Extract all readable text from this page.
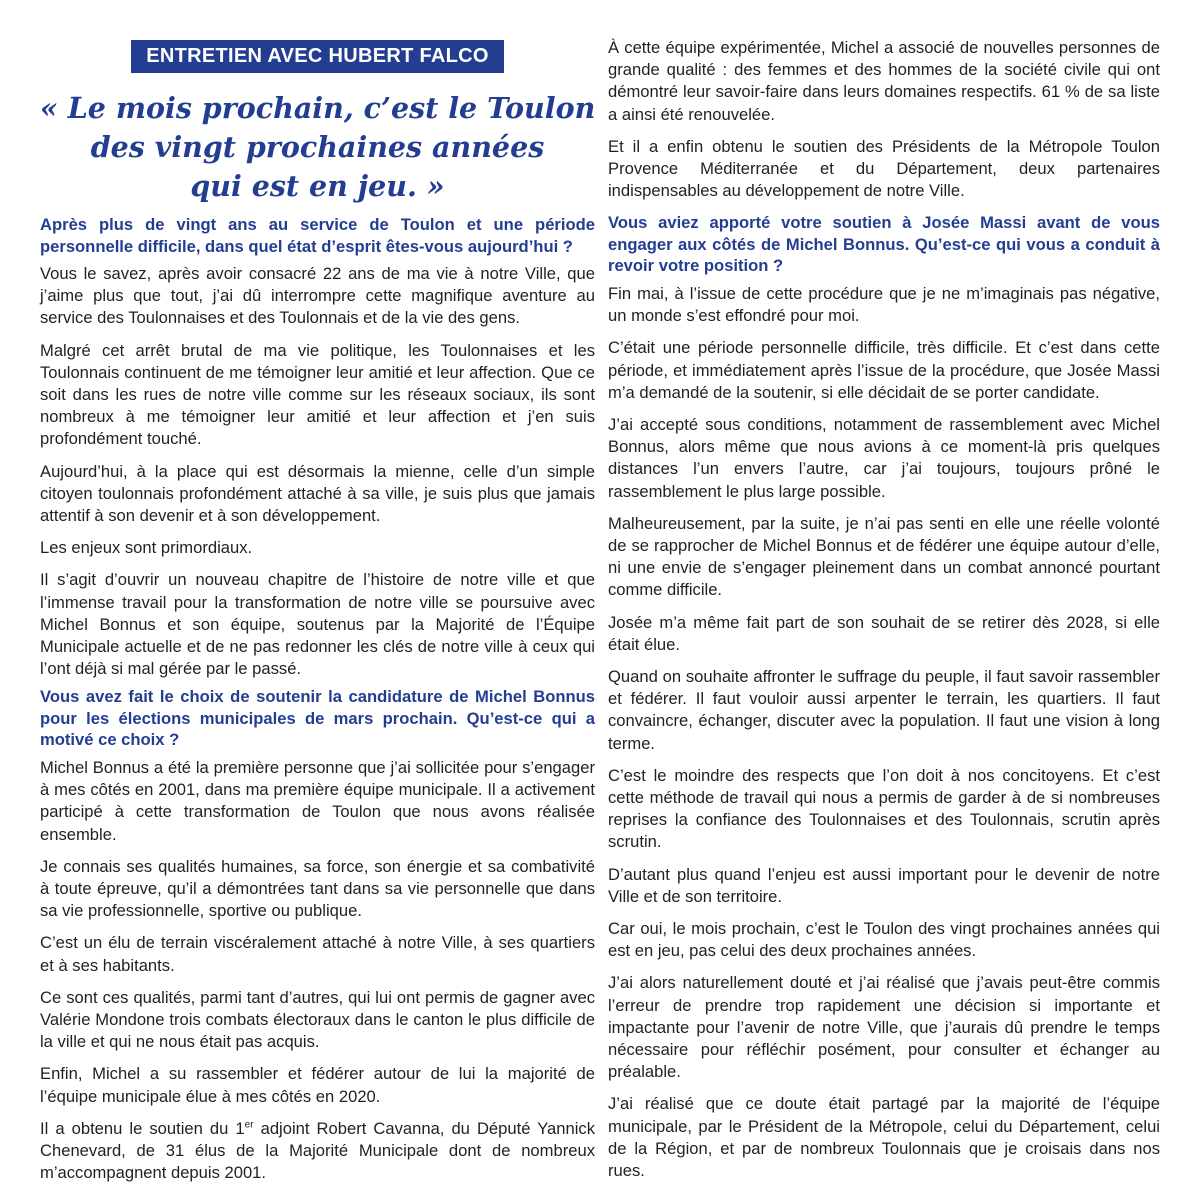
ENTRETIEN AVEC HUBERT FALCO
« Le mois prochain, c’est le Toulon
des vingt prochaines années
qui est en jeu. »

Après plus de vingt ans au service de Toulon et une période personnelle difficile, dans quel état d’esprit êtes-vous aujourd’hui ?

Vous le savez, après avoir consacré 22 ans de ma vie à notre Ville, que j’aime plus que tout, j’ai dû interrompre cette magnifique aventure au service des Toulonnaises et des Toulonnais et de la vie des gens.

Malgré cet arrêt brutal de ma vie politique, les Toulonnaises et les Toulonnais continuent de me témoigner leur amitié et leur affection. Que ce soit dans les rues de notre ville comme sur les réseaux sociaux, ils sont nombreux à me témoigner leur amitié et leur affection et j’en suis profondément touché.

Aujourd’hui, à la place qui est désormais la mienne, celle d’un simple citoyen toulonnais profondément attaché à sa ville, je suis plus que jamais attentif à son devenir et à son développement.

Les enjeux sont primordiaux.

Il s’agit d’ouvrir un nouveau chapitre de l’histoire de notre ville et que l’immense travail pour la transformation de notre ville se poursuive avec Michel Bonnus et son équipe, soutenus par la Majorité de l’Équipe Municipale actuelle et de ne pas redonner les clés de notre ville à ceux qui l’ont déjà si mal gérée par le passé.

Vous avez fait le choix de soutenir la candidature de Michel Bonnus pour les élections municipales de mars prochain. Qu’est-ce qui a motivé ce choix ?

Michel Bonnus a été la première personne que j’ai sollicitée pour s’engager à mes côtés en 2001, dans ma première équipe municipale. Il a activement participé à cette transformation de Toulon que nous avons réalisée ensemble.

Je connais ses qualités humaines, sa force, son énergie et sa combativité à toute épreuve, qu’il a démontrées tant dans sa vie personnelle que dans sa vie professionnelle, sportive ou publique.

C’est un élu de terrain viscéralement attaché à notre Ville, à ses quartiers et à ses habitants.

Ce sont ces qualités, parmi tant d’autres, qui lui ont permis de gagner avec Valérie Mondone trois combats électoraux dans le canton le plus difficile de la ville et qui ne nous était pas acquis.

Enfin, Michel a su rassembler et fédérer autour de lui la majorité de l’équipe municipale élue à mes côtés en 2020.

Il a obtenu le soutien du 1er adjoint Robert Cavanna, du Député Yannick Chenevard, de 31 élus de la Majorité Municipale dont de nombreux m’accompagnent depuis 2001.

À cette équipe expérimentée, Michel a associé de nouvelles personnes de grande qualité : des femmes et des hommes de la société civile qui ont démontré leur savoir-faire dans leurs domaines respectifs. 61 % de sa liste a ainsi été renouvelée.

Et il a enfin obtenu le soutien des Présidents de la Métropole Toulon Provence Méditerranée et du Département, deux partenaires indispensables au développement de notre Ville.

Vous aviez apporté votre soutien à Josée Massi avant de vous engager aux côtés de Michel Bonnus. Qu’est-ce qui vous a conduit à revoir votre position ?

Fin mai, à l’issue de cette procédure que je ne m’imaginais pas négative, un monde s’est effondré pour moi.

C’était une période personnelle difficile, très difficile. Et c’est dans cette période, et immédiatement après l’issue de la procédure, que Josée Massi m’a demandé de la soutenir, si elle décidait de se porter candidate.

J’ai accepté sous conditions, notamment de rassemblement avec Michel Bonnus, alors même que nous avions à ce moment-là pris quelques distances l’un envers l’autre, car j’ai toujours, toujours prôné le rassemblement le plus large possible.

Malheureusement, par la suite, je n’ai pas senti en elle une réelle volonté de se rapprocher de Michel Bonnus et de fédérer une équipe autour d’elle, ni une envie de s’engager pleinement dans un combat annoncé pourtant comme difficile.

Josée m’a même fait part de son souhait de se retirer dès 2028, si elle était élue.

Quand on souhaite affronter le suffrage du peuple, il faut savoir rassembler et fédérer. Il faut vouloir aussi arpenter le terrain, les quartiers. Il faut convaincre, échanger, discuter avec la population. Il faut une vision à long terme.

C’est le moindre des respects que l’on doit à nos concitoyens. Et c’est cette méthode de travail qui nous a permis de garder à de si nombreuses reprises la confiance des Toulonnaises et des Toulonnais, scrutin après scrutin.

D’autant plus quand l’enjeu est aussi important pour le devenir de notre Ville et de son territoire.

Car oui, le mois prochain, c’est le Toulon des vingt prochaines années qui est en jeu, pas celui des deux prochaines années.

J’ai alors naturellement douté et j’ai réalisé que j’avais peut-être commis l’erreur de prendre trop rapidement une décision si importante et impactante pour l’avenir de notre Ville, que j’aurais dû prendre le temps nécessaire pour réfléchir posément, pour consulter et échanger au préalable.

J’ai réalisé que ce doute était partagé par la majorité de l’équipe municipale, par le Président de la Métropole, celui du Département, celui de la Région, et par de nombreux Toulonnais que je croisais dans nos rues.
